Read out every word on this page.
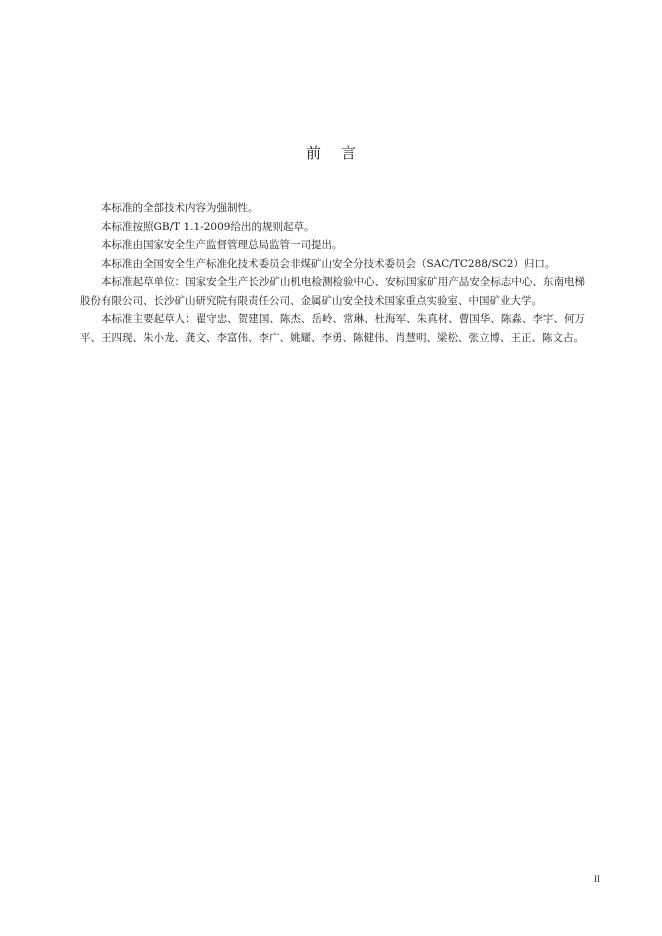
前言

本标准的全部技术内容为强制性。

本标准按照GB/T 1.1-2009给出的规则起草。

本标准由国家安全生产监督管理总局监管一司提出。

本标准由全国安全生产标准化技术委员会非煤矿山安全分技术委员会（SAC/TC288/SC2）归口。

本标准起草单位：国家安全生产长沙矿山机电检测检验中心、安标国家矿用产品安全标志中心、东南电梯股份有限公司、长沙矿山研究院有限责任公司、金属矿山安全技术国家重点实验室、中国矿业大学。

本标准主要起草人：翟守忠、贺建国、陈杰、岳岭、常琳、杜海军、朱真材、曹国华、陈淼、李宇、何万平、王四现、朱小龙、龚文、李富伟、李广、姚耀、李勇、陈健伟、肖慧明、梁松、张立博、王正、陈文占。

II
